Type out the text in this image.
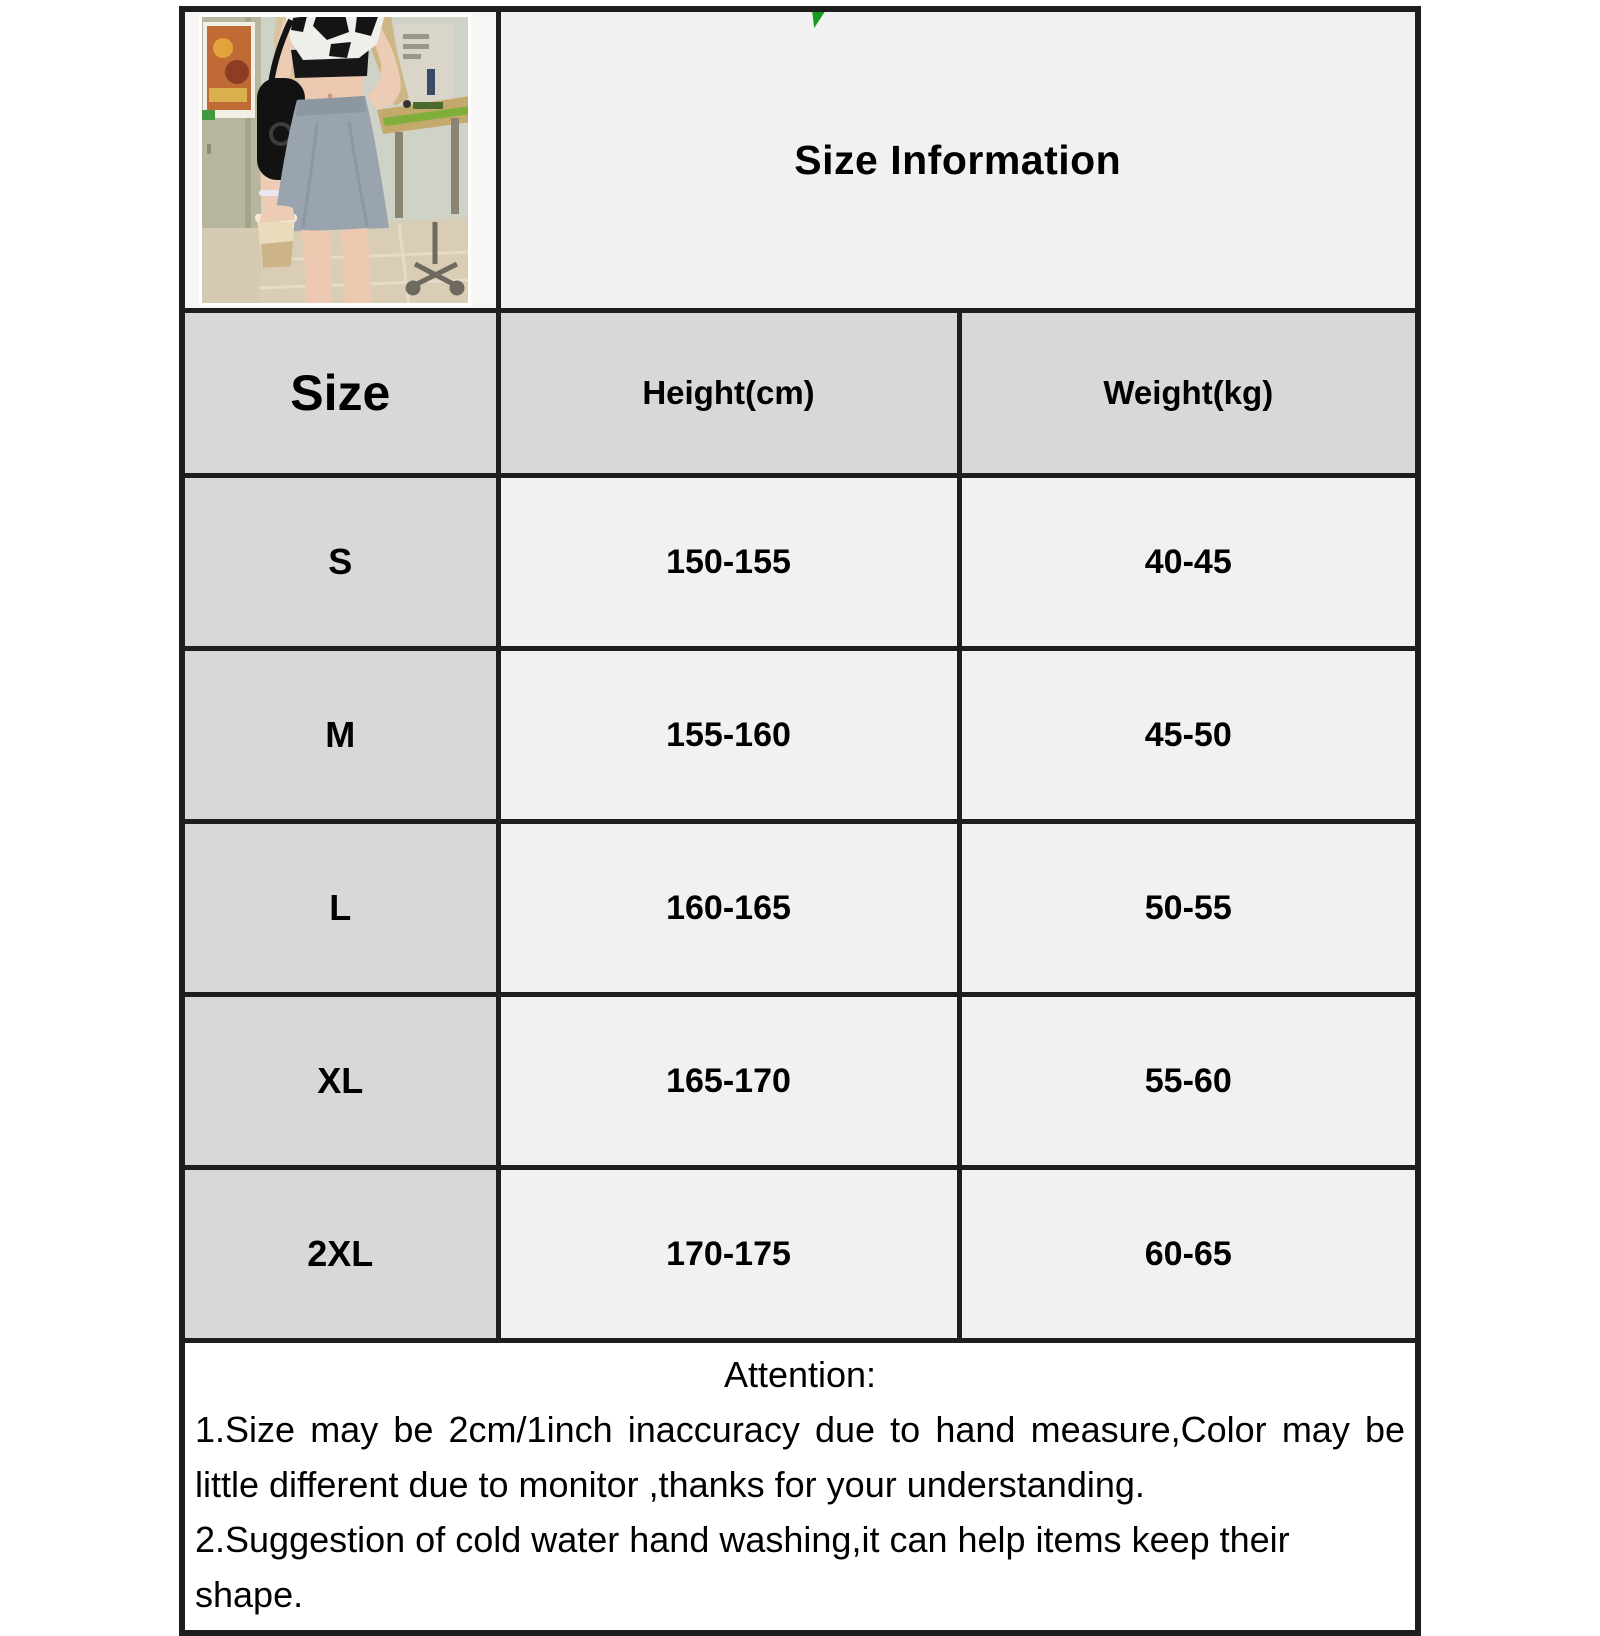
Size Information	

Size	Height(cm)	Weight(kg)
S	150-155	40-45
M	155-160	45-50
L	160-165	50-55
XL	165-170	55-60
2XL	170-175	60-65

Attention:

1.Size may be 2cm/1inch inaccuracy due to hand measure,Color may be little different due to monitor ,thanks for your understanding.

2.Suggestion of cold water hand washing,it can help items keep their shape.		
